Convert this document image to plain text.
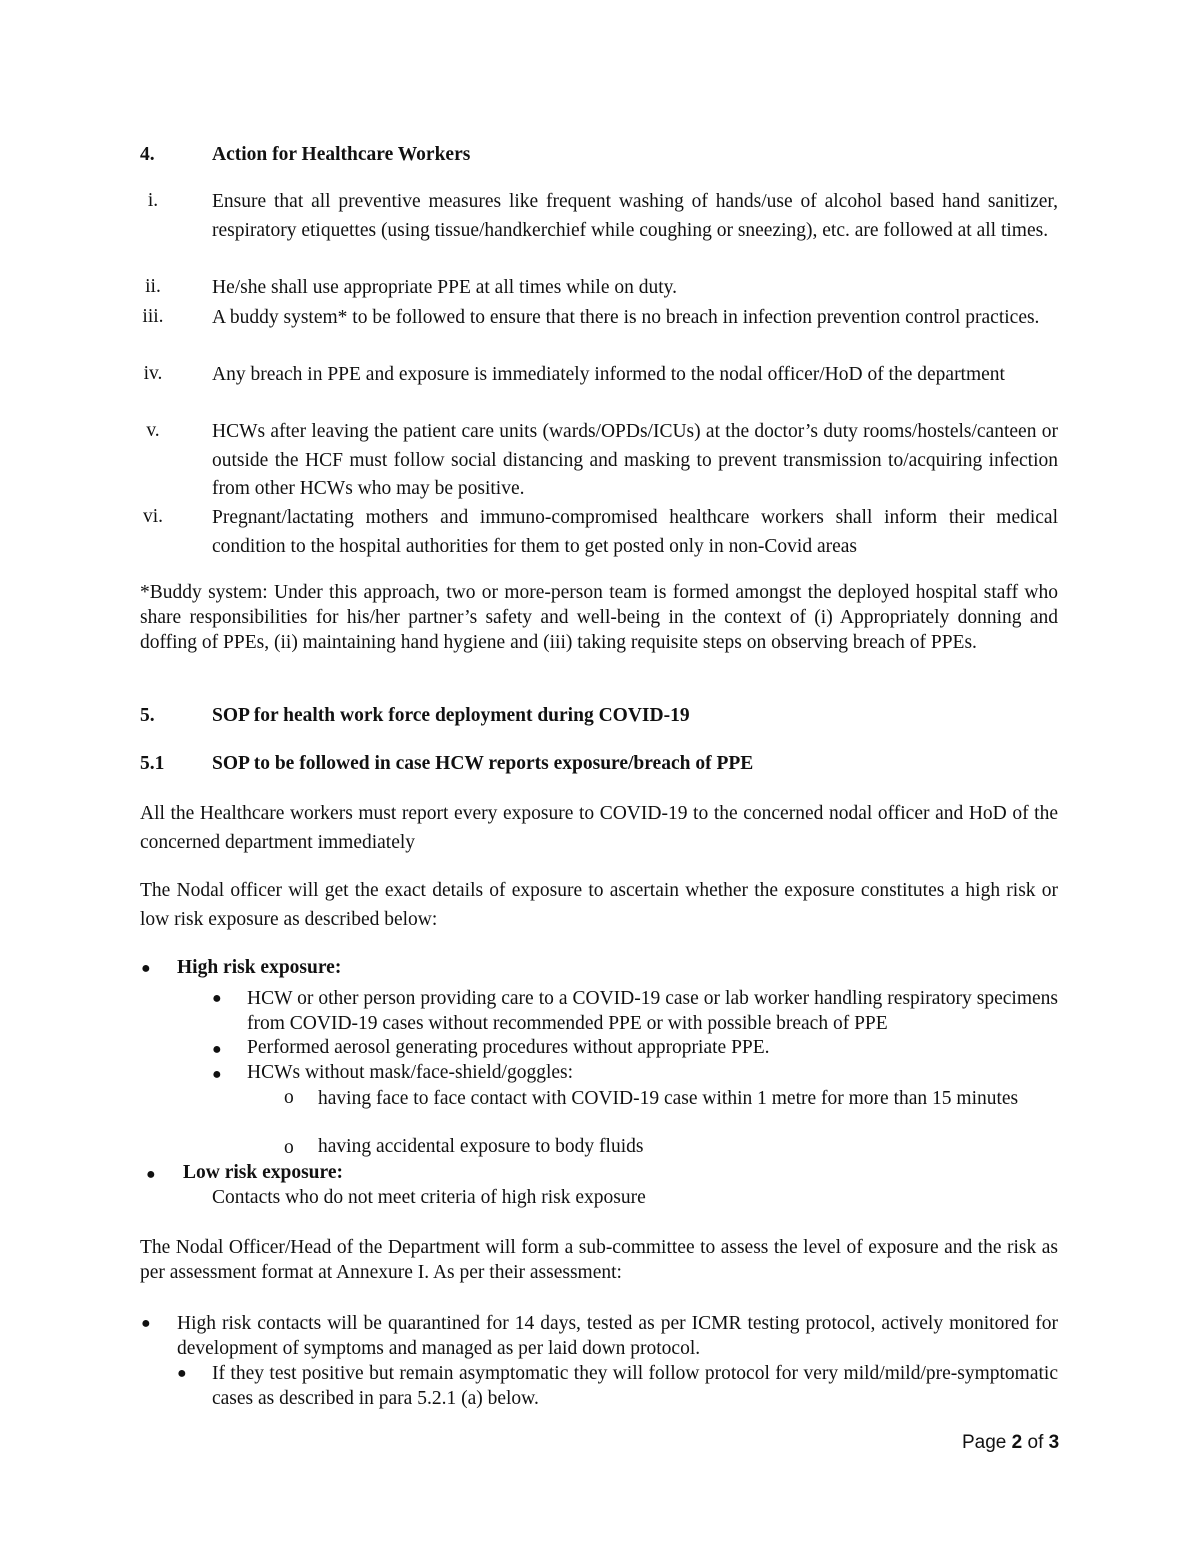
4.	Action for Healthcare Workers
i.	Ensure that all preventive measures like frequent washing of hands/use of alcohol based hand sanitizer, respiratory etiquettes (using tissue/handkerchief while coughing or sneezing), etc. are followed at all times.
ii.	He/she shall use appropriate PPE at all times while on duty.
iii.	A buddy system* to be followed to ensure that there is no breach in infection prevention control practices.
iv.	Any breach in PPE and exposure is immediately informed to the nodal officer/HoD of the department
v.	HCWs after leaving the patient care units (wards/OPDs/ICUs) at the doctor’s duty rooms/hostels/canteen or outside the HCF must follow social distancing and masking to prevent transmission to/acquiring infection from other HCWs who may be positive.
vi.	Pregnant/lactating mothers and immuno-compromised healthcare workers shall inform their medical condition to the hospital authorities for them to get posted only in non-Covid areas
*Buddy system: Under this approach, two or more-person team is formed amongst the deployed hospital staff who share responsibilities for his/her partner’s safety and well-being in the context of (i) Appropriately donning and doffing of PPEs, (ii) maintaining hand hygiene and (iii) taking requisite steps on observing breach of PPEs.
5.	SOP for health work force deployment during COVID-19
5.1 SOP to be followed in case HCW reports exposure/breach of PPE
All the Healthcare workers must report every exposure to COVID-19 to the concerned nodal officer and HoD of the concerned department immediately
The Nodal officer will get the exact details of exposure to ascertain whether the exposure constitutes a high risk or low risk exposure as described below:
● High risk exposure:
● HCW or other person providing care to a COVID-19 case or lab worker handling respiratory specimens from COVID-19 cases without recommended PPE or with possible breach of PPE
● Performed aerosol generating procedures without appropriate PPE.
● HCWs without mask/face-shield/goggles:
o having face to face contact with COVID-19 case within 1 metre for more than 15 minutes
o having accidental exposure to body fluids
● Low risk exposure:
Contacts who do not meet criteria of high risk exposure
The Nodal Officer/Head of the Department will form a sub-committee to assess the level of exposure and the risk as per assessment format at Annexure I. As per their assessment:
● High risk contacts will be quarantined for 14 days, tested as per ICMR testing protocol, actively monitored for development of symptoms and managed as per laid down protocol.
● If they test positive but remain asymptomatic they will follow protocol for very mild/mild/pre-symptomatic cases as described in para 5.2.1 (a) below.
Page 2 of 3
